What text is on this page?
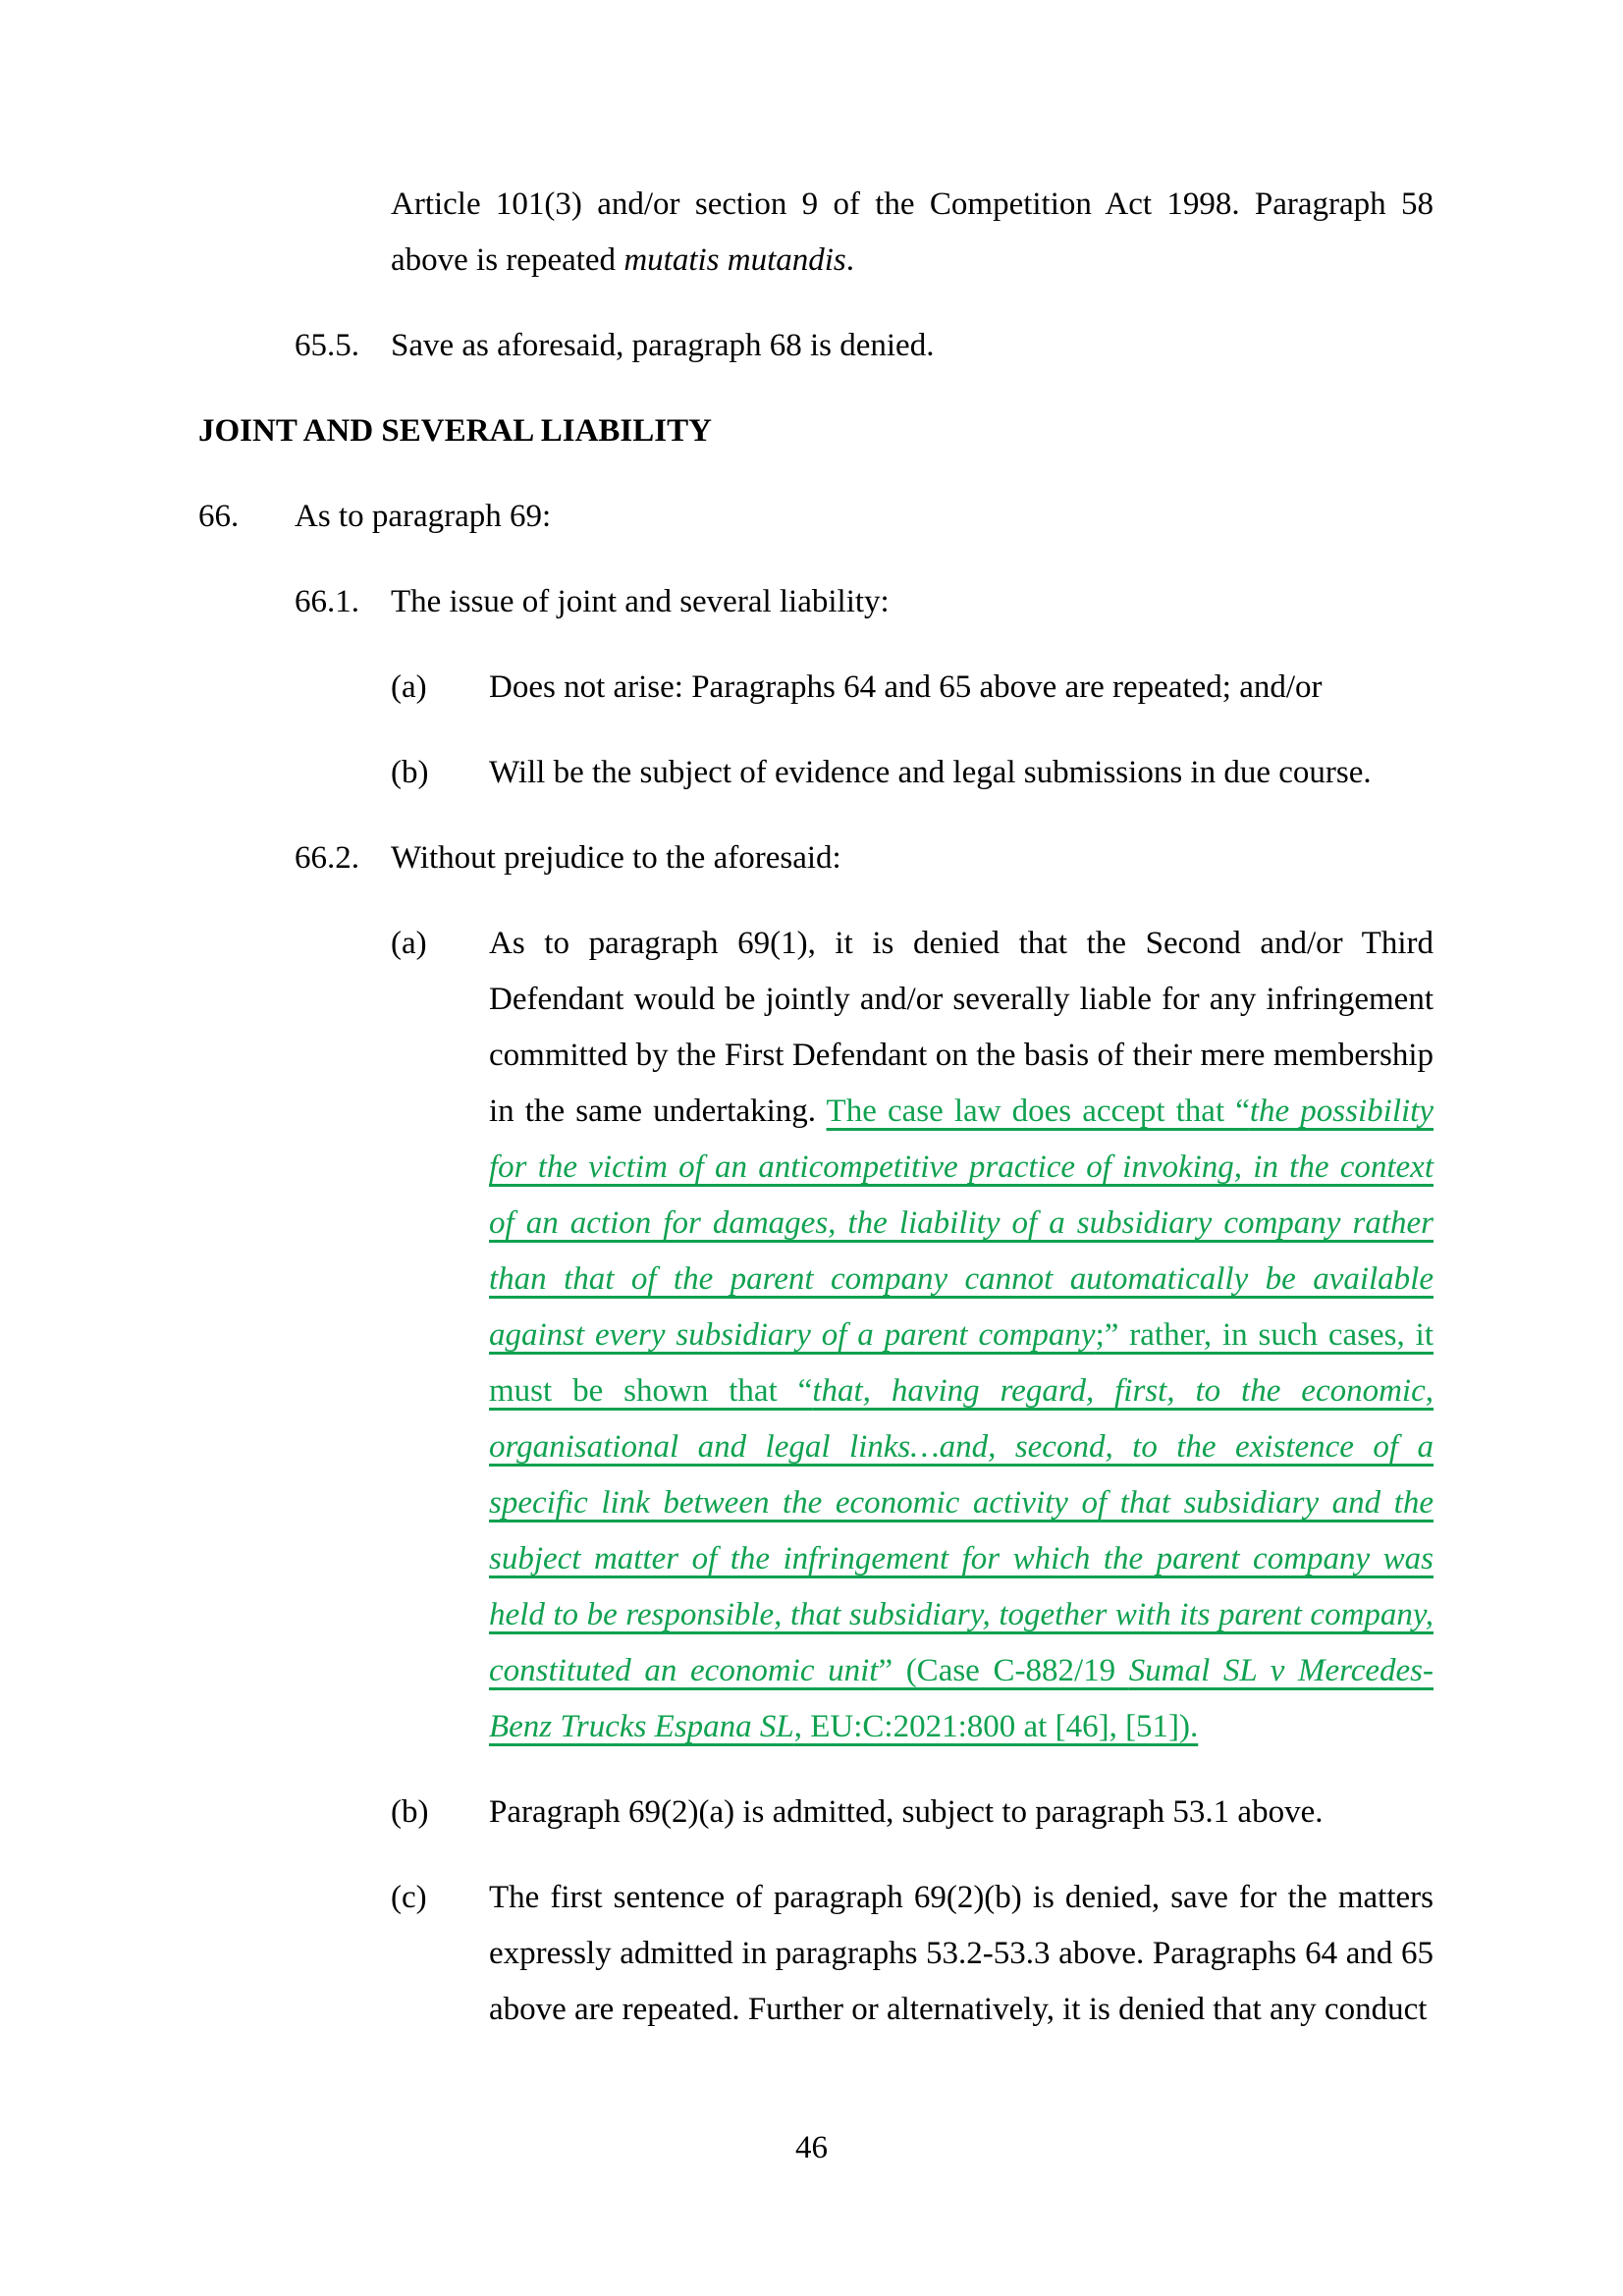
Article 101(3) and/or section 9 of the Competition Act 1998. Paragraph 58 above is repeated mutatis mutandis.

65.5. Save as aforesaid, paragraph 68 is denied.

JOINT AND SEVERAL LIABILITY

66.	As to paragraph 69:
66.1. The issue of joint and several liability:
(a)	Does not arise: Paragraphs 64 and 65 above are repeated; and/or
(b)	Will be the subject of evidence and legal submissions in due course.
66.2. Without prejudice to the aforesaid:
(a)	As to paragraph 69(1), it is denied that the Second and/or Third Defendant would be jointly and/or severally liable for any infringement committed by the First Defendant on the basis of their mere membership in the same undertaking. The case law does accept that “the possibility for the victim of an anticompetitive practice of invoking, in the context of an action for damages, the liability of a subsidiary company rather than that of the parent company cannot automatically be available against every subsidiary of a parent company;” rather, in such cases, it must be shown that “that, having regard, first, to the economic, organisational and legal links…and, second, to the existence of a specific link between the economic activity of that subsidiary and the subject matter of the infringement for which the parent company was held to be responsible, that subsidiary, together with its parent company, constituted an economic unit” (Case C-882/19 Sumal SL v Mercedes-Benz Trucks Espana SL, EU:C:2021:800 at [46], [51]).
(b)	Paragraph 69(2)(a) is admitted, subject to paragraph 53.1 above.
(c)	The first sentence of paragraph 69(2)(b) is denied, save for the matters expressly admitted in paragraphs 53.2-53.3 above. Paragraphs 64 and 65 above are repeated. Further or alternatively, it is denied that any conduct
46
